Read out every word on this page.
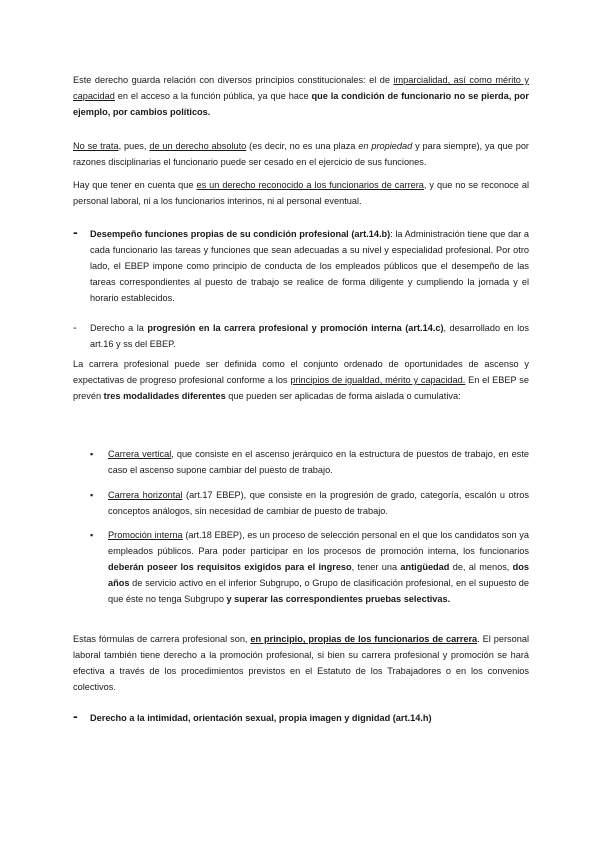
Este derecho guarda relación con diversos principios constitucionales: el de imparcialidad, así como mérito y capacidad en el acceso a la función pública, ya que hace que la condición de funcionario no se pierda, por ejemplo, por cambios políticos.

No se trata, pues, de un derecho absoluto (es decir, no es una plaza en propiedad y para siempre), ya que por razones disciplinarias el funcionario puede ser cesado en el ejercicio de sus funciones.

Hay que tener en cuenta que es un derecho reconocido a los funcionarios de carrera, y que no se reconoce al personal laboral, ni a los funcionarios interinos, ni al personal eventual.

- Desempeño funciones propias de su condición profesional (art.14.b): la Administración tiene que dar a cada funcionario las tareas y funciones que sean adecuadas a su nivel y especialidad profesional. Por otro lado, el EBEP impone como principio de conducta de los empleados públicos que el desempeño de las tareas correspondientes al puesto de trabajo se realice de forma diligente y cumpliendo la jornada y el horario establecidos.

- Derecho a la progresión en la carrera profesional y promoción interna (art.14.c), desarrollado en los art.16 y ss del EBEP.

La carrera profesional puede ser definida como el conjunto ordenado de oportunidades de ascenso y expectativas de progreso profesional conforme a los principios de igualdad, mérito y capacidad. En el EBEP se prevén tres modalidades diferentes que pueden ser aplicadas de forma aislada o cumulativa:

▪ Carrera vertical, que consiste en el ascenso jerárquico en la estructura de puestos de trabajo, en este caso el ascenso supone cambiar del puesto de trabajo.

▪ Carrera horizontal (art.17 EBEP), que consiste en la progresión de grado, categoría, escalón u otros conceptos análogos, sin necesidad de cambiar de puesto de trabajo.

▪ Promoción interna (art.18 EBEP), es un proceso de selección personal en el que los candidatos son ya empleados públicos. Para poder participar en los procesos de promoción interna, los funcionarios deberán poseer los requisitos exigidos para el ingreso, tener una antigüedad de, al menos, dos años de servicio activo en el inferior Subgrupo, o Grupo de clasificación profesional, en el supuesto de que éste no tenga Subgrupo y superar las correspondientes pruebas selectivas.

Estas fórmulas de carrera profesional son, en principio, propias de los funcionarios de carrera. El personal laboral también tiene derecho a la promoción profesional, si bien su carrera profesional y promoción se hará efectiva a través de los procedimientos previstos en el Estatuto de los Trabajadores o en los convenios colectivos.

- Derecho a la intimidad, orientación sexual, propia imagen y dignidad (art.14.h)
